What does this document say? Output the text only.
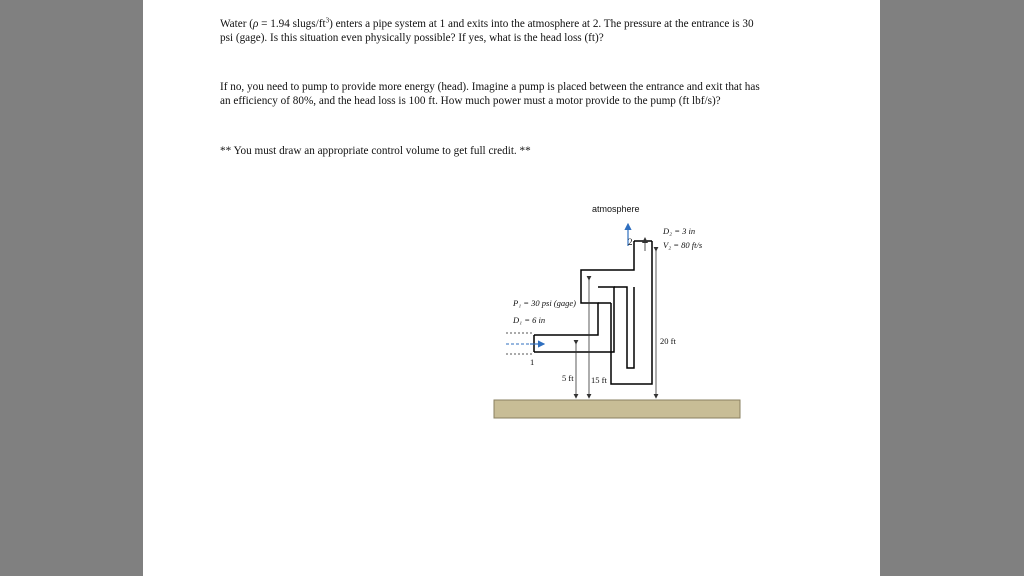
Water (ρ = 1.94 slugs/$ft^3$) enters a pipe system at 1 and exits into the atmosphere at 2. The pressure at the entrance is 30 psi (gage). Is this situation even physically possible? If yes, what is the head loss (ft)?
If no, you need to pump to provide more energy (head). Imagine a pump is placed between the entrance and exit that has an efficiency of 80%, and the head loss is 100 ft. How much power must a motor provide to the pump (ft lbf/s)?
** You must draw an appropriate control volume to get full credit. **
atmosphere
D₂ = 3 in
V₂ = 80 ft/s
2
P₁ = 30 psi (gage)
D₁ = 6 in
1
5 ft 15 ft
20 ft
